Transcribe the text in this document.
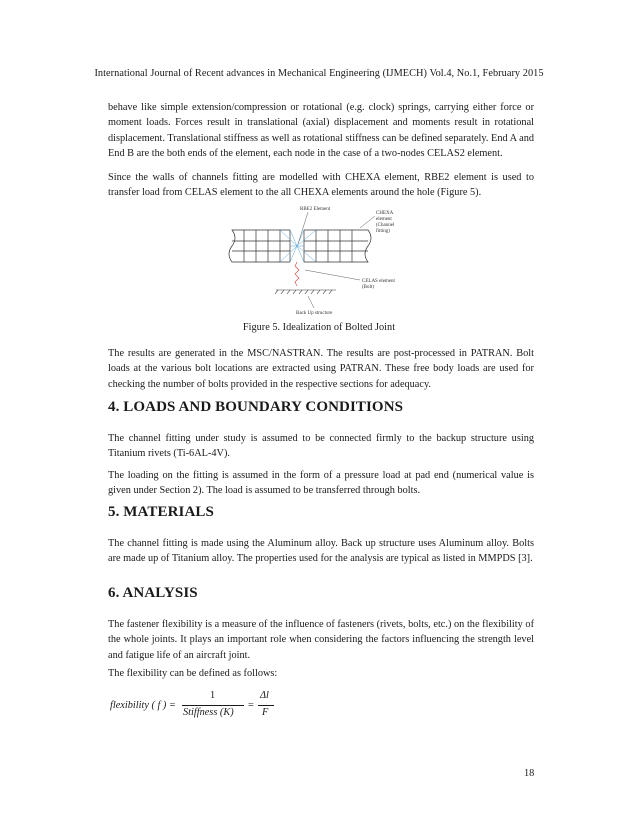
International Journal of Recent advances in Mechanical Engineering (IJMECH) Vol.4, No.1, February 2015

behave like simple extension/compression or rotational (e.g. clock) springs, carrying either force or moment loads. Forces result in translational (axial) displacement and moments result in rotational displacement. Translational stiffness as well as rotational stiffness can be defined separately. End A and End B are the both ends of the element, each node in the case of a two-nodes CELAS2 element.

Since the walls of channels fitting are modelled with CHEXA element, RBE2 element is used to transfer load from CELAS element to the all CHEXA elements around the hole (Figure 5).

RBE2 Element
CHEXA
element
(Channel
fitting)
CELAS element
(Bolt)
Back Up structure
Figure 5. Idealization of Bolted Joint

The results are generated in the MSC/NASTRAN. The results are post-processed in PATRAN. Bolt loads at the various bolt locations are extracted using PATRAN. These free body loads are used for checking the number of bolts provided in the respective sections for adequacy.

4. LOADS AND BOUNDARY CONDITIONS

The channel fitting under study is assumed to be connected firmly to the backup structure using Titanium rivets (Ti-6AL-4V).

The loading on the fitting is assumed in the form of a pressure load at pad end (numerical value is given under Section 2). The load is assumed to be transferred through bolts.

5. MATERIALS

The channel fitting is made using the Aluminum alloy. Back up structure uses Aluminum alloy. Bolts are made up of Titanium alloy. The properties used for the analysis are typical as listed in MMPDS [3].

6. ANALYSIS

The fastener flexibility is a measure of the influence of fasteners (rivets, bolts, etc.) on the flexibility of the whole joints. It plays an important role when considering the factors influencing the strength level and fatigue life of an aircraft joint.

The flexibility can be defined as follows:

flexibility ( f ) =
1
Stiffness (K)
=
Δl
F
18
